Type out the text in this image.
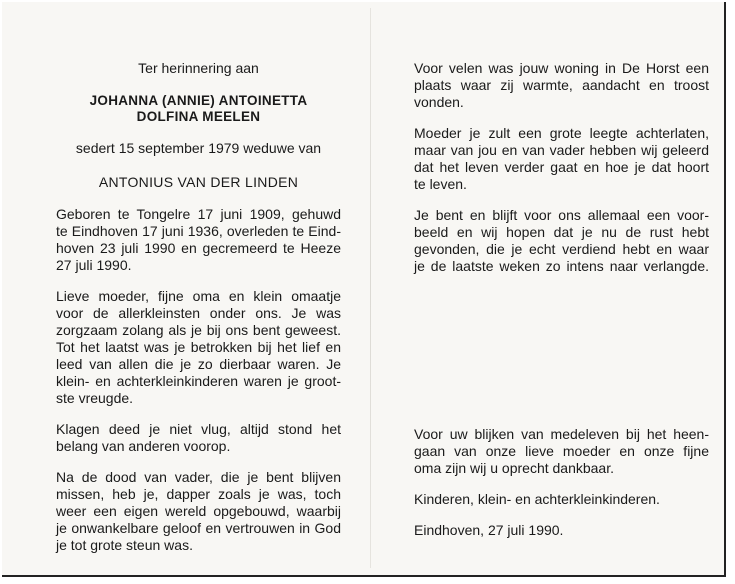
Ter herinnering aan
JOHANNA (ANNIE) ANTOINETTA
DOLFINA MEELEN
sedert 15 september 1979 weduwe van
ANTONIUS VAN DER LINDEN
Geboren te Tongelre 17 juni 1909, gehuwd
te Eindhoven 17 juni 1936, overleden te Eind-
hoven 23 juli 1990 en gecremeerd te Heeze
27 juli 1990.
Lieve moeder, fijne oma en klein omaatje
voor de allerkleinsten onder ons. Je was
zorgzaam zolang als je bij ons bent geweest.
Tot het laatst was je betrokken bij het lief en
leed van allen die je zo dierbaar waren. Je
klein- en achterkleinkinderen waren je groot-
ste vreugde.
Klagen deed je niet vlug, altijd stond het
belang van anderen voorop.
Na de dood van vader, die je bent blijven
missen, heb je, dapper zoals je was, toch
weer een eigen wereld opgebouwd, waarbij
je onwankelbare geloof en vertrouwen in God
je tot grote steun was.
Voor velen was jouw woning in De Horst een
plaats waar zij warmte, aandacht en troost
vonden.
Moeder je zult een grote leegte achterlaten,
maar van jou en van vader hebben wij geleerd
dat het leven verder gaat en hoe je dat hoort
te leven.
Je bent en blijft voor ons allemaal een voor-
beeld en wij hopen dat je nu de rust hebt
gevonden, die je echt verdiend hebt en waar
je de laatste weken zo intens naar verlangde.
Voor uw blijken van medeleven bij het heen-
gaan van onze lieve moeder en onze fijne
oma zijn wij u oprecht dankbaar.
Kinderen, klein- en achterkleinkinderen.
Eindhoven, 27 juli 1990.
